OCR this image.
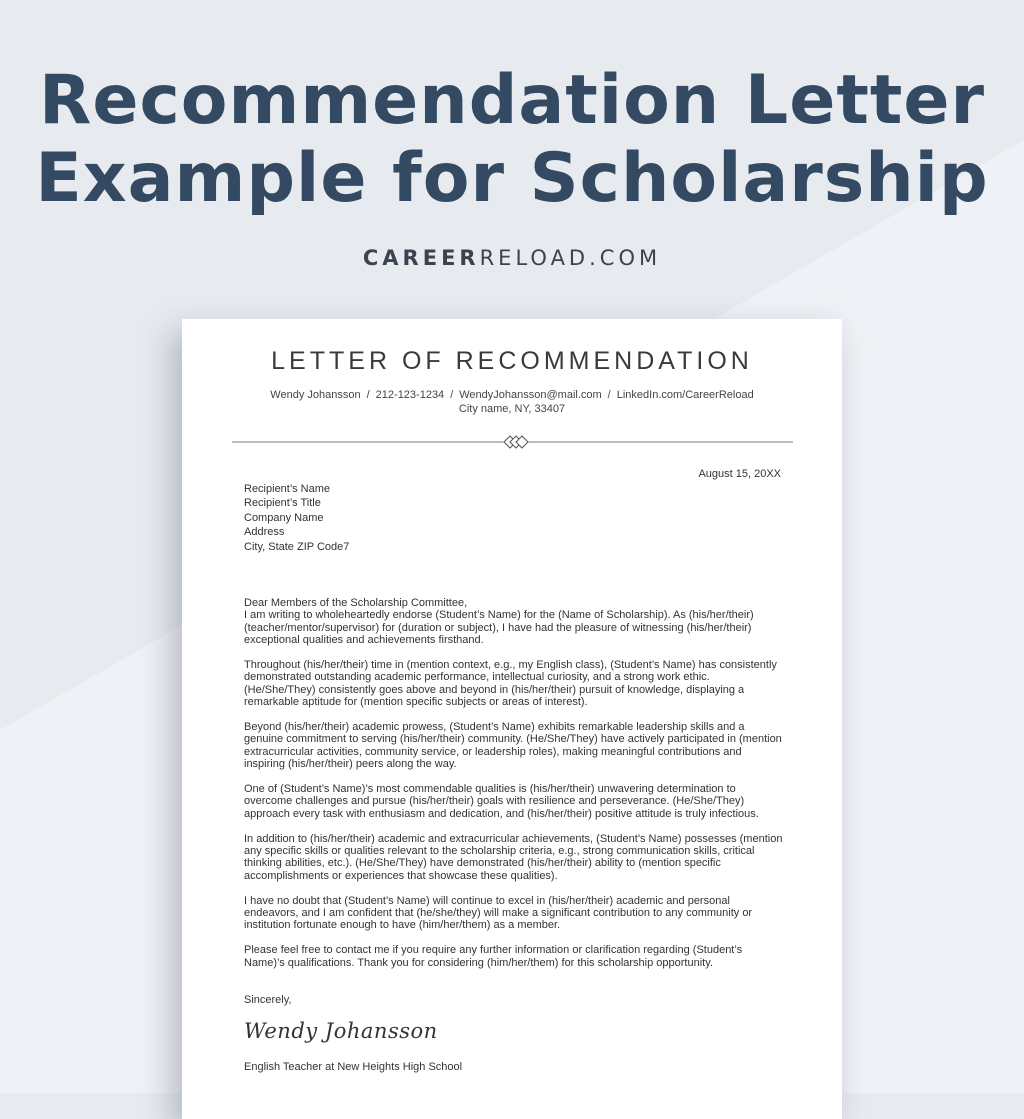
Recommendation Letter
Example for Scholarship
CAREERRELOAD.COM
LETTER OF RECOMMENDATION
Wendy Johansson / 212-123-1234 / WendyJohansson@mail.com / LinkedIn.com/CareerReload
City name, NY, 33407
August 15, 20XX
Recipient’s Name
Recipient’s Title
Company Name
Address
City, State ZIP Code7

Dear Members of the Scholarship Committee,

I am writing to wholeheartedly endorse (Student’s Name) for the (Name of Scholarship). As (his/her/their) (teacher/mentor/supervisor) for (duration or subject), I have had the pleasure of witnessing (his/her/their) exceptional qualities and achievements firsthand.

Throughout (his/her/their) time in (mention context, e.g., my English class), (Student’s Name) has consistently demonstrated outstanding academic performance, intellectual curiosity, and a strong work ethic. (He/She/They) consistently goes above and beyond in (his/her/their) pursuit of knowledge, displaying a remarkable aptitude for (mention specific subjects or areas of interest).

Beyond (his/her/their) academic prowess, (Student’s Name) exhibits remarkable leadership skills and a genuine commitment to serving (his/her/their) community. (He/She/They) have actively participated in (mention extracurricular activities, community service, or leadership roles), making meaningful contributions and inspiring (his/her/their) peers along the way.

One of (Student’s Name)’s most commendable qualities is (his/her/their) unwavering determination to overcome challenges and pursue (his/her/their) goals with resilience and perseverance. (He/She/They) approach every task with enthusiasm and dedication, and (his/her/their) positive attitude is truly infectious.

In addition to (his/her/their) academic and extracurricular achievements, (Student’s Name) possesses (mention any specific skills or qualities relevant to the scholarship criteria, e.g., strong communication skills, critical thinking abilities, etc.). (He/She/They) have demonstrated (his/her/their) ability to (mention specific accomplishments or experiences that showcase these qualities).

I have no doubt that (Student’s Name) will continue to excel in (his/her/their) academic and personal endeavors, and I am confident that (he/she/they) will make a significant contribution to any community or institution fortunate enough to have (him/her/them) as a member.

Please feel free to contact me if you require any further information or clarification regarding (Student’s Name)’s qualifications. Thank you for considering (him/her/them) for this scholarship opportunity.

Sincerely,
Wendy Johansson
English Teacher at New Heights High School
